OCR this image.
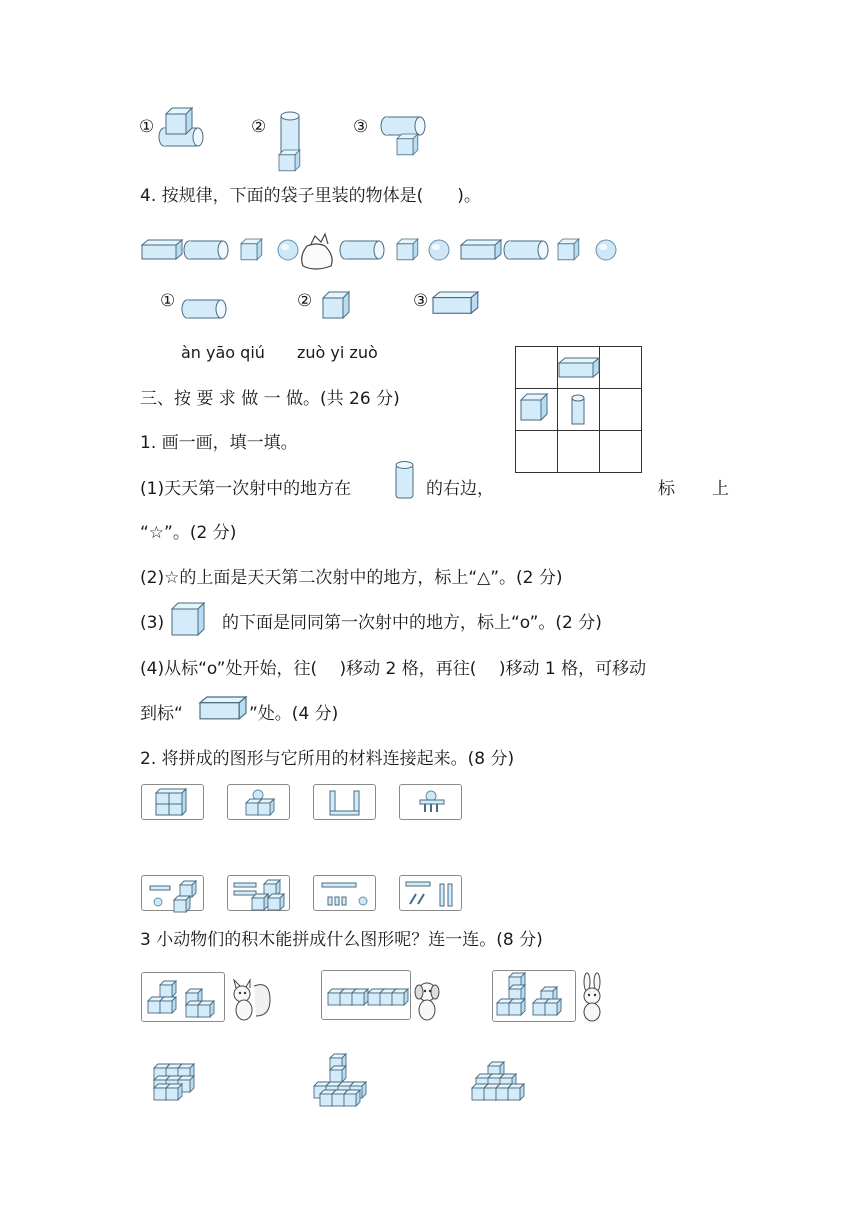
①	②	③
4. 按规律，下面的袋子里装的物体是(　　)。
①	②	③
àn yāo qiú zuò yi zuò
三、按 要 求 做 一 做。(共 26 分)
1. 画一画，填一填。
(1)天天第一次射中的地方在	的右边，	标 上
“☆”。(2 分)
(2)☆的上面是天天第二次射中的地方，标上“△”。(2 分)
(3)	的下面是同同第一次射中的地方，标上“o”。(2 分)
(4)从标“o”处开始，往(　 )移动 2 格，再往(　 )移动 1 格，可移动
到标“	”处。(4 分)
2. 将拼成的图形与它所用的材料连接起来。(8 分)
3 小动物们的积木能拼成什么图形呢？连一连。(8 分)
